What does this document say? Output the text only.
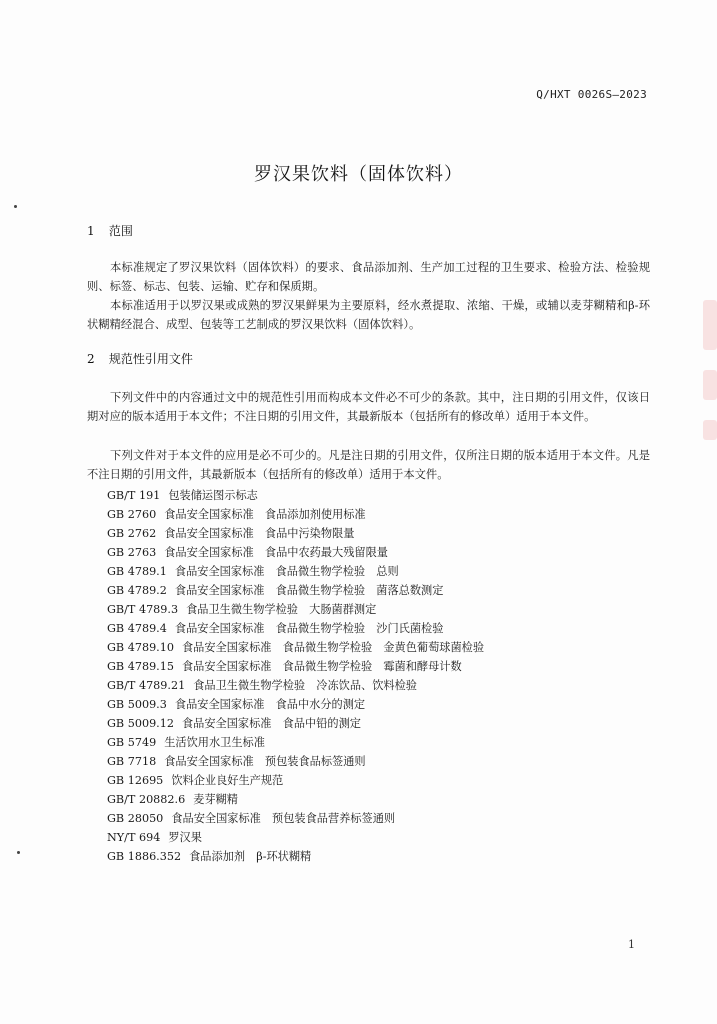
Q/HXT 0026S—2023
罗汉果饮料（固体饮料）
1 范围
本标准规定了罗汉果饮料（固体饮料）的要求、食品添加剂、生产加工过程的卫生要求、检验方法、检验规则、标签、标志、包装、运输、贮存和保质期。
本标准适用于以罗汉果或成熟的罗汉果鲜果为主要原料，经水煮提取、浓缩、干燥，或辅以麦芽糊精和β-环状糊精经混合、成型、包装等工艺制成的罗汉果饮料（固体饮料）。
2 规范性引用文件
下列文件中的内容通过文中的规范性引用而构成本文件必不可少的条款。其中，注日期的引用文件，仅该日期对应的版本适用于本文件；不注日期的引用文件，其最新版本（包括所有的修改单）适用于本文件。
下列文件对于本文件的应用是必不可少的。凡是注日期的引用文件，仅所注日期的版本适用于本文件。凡是不注日期的引用文件，其最新版本（包括所有的修改单）适用于本文件。
GB/T 191 包装储运图示标志
GB 2760 食品安全国家标准　食品添加剂使用标准
GB 2762 食品安全国家标准　食品中污染物限量
GB 2763 食品安全国家标准　食品中农药最大残留限量
GB 4789.1 食品安全国家标准　食品微生物学检验　总则
GB 4789.2 食品安全国家标准　食品微生物学检验　菌落总数测定
GB/T 4789.3 食品卫生微生物学检验　大肠菌群测定
GB 4789.4 食品安全国家标准　食品微生物学检验　沙门氏菌检验
GB 4789.10 食品安全国家标准　食品微生物学检验　金黄色葡萄球菌检验
GB 4789.15 食品安全国家标准　食品微生物学检验　霉菌和酵母计数
GB/T 4789.21 食品卫生微生物学检验　冷冻饮品、饮料检验
GB 5009.3 食品安全国家标准　食品中水分的测定
GB 5009.12 食品安全国家标准　食品中铅的测定
GB 5749 生活饮用水卫生标准
GB 7718 食品安全国家标准　预包装食品标签通则
GB 12695 饮料企业良好生产规范
GB/T 20882.6 麦芽糊精
GB 28050 食品安全国家标准　预包装食品营养标签通则
NY/T 694 罗汉果
GB 1886.352 食品添加剂　β-环状糊精
1
